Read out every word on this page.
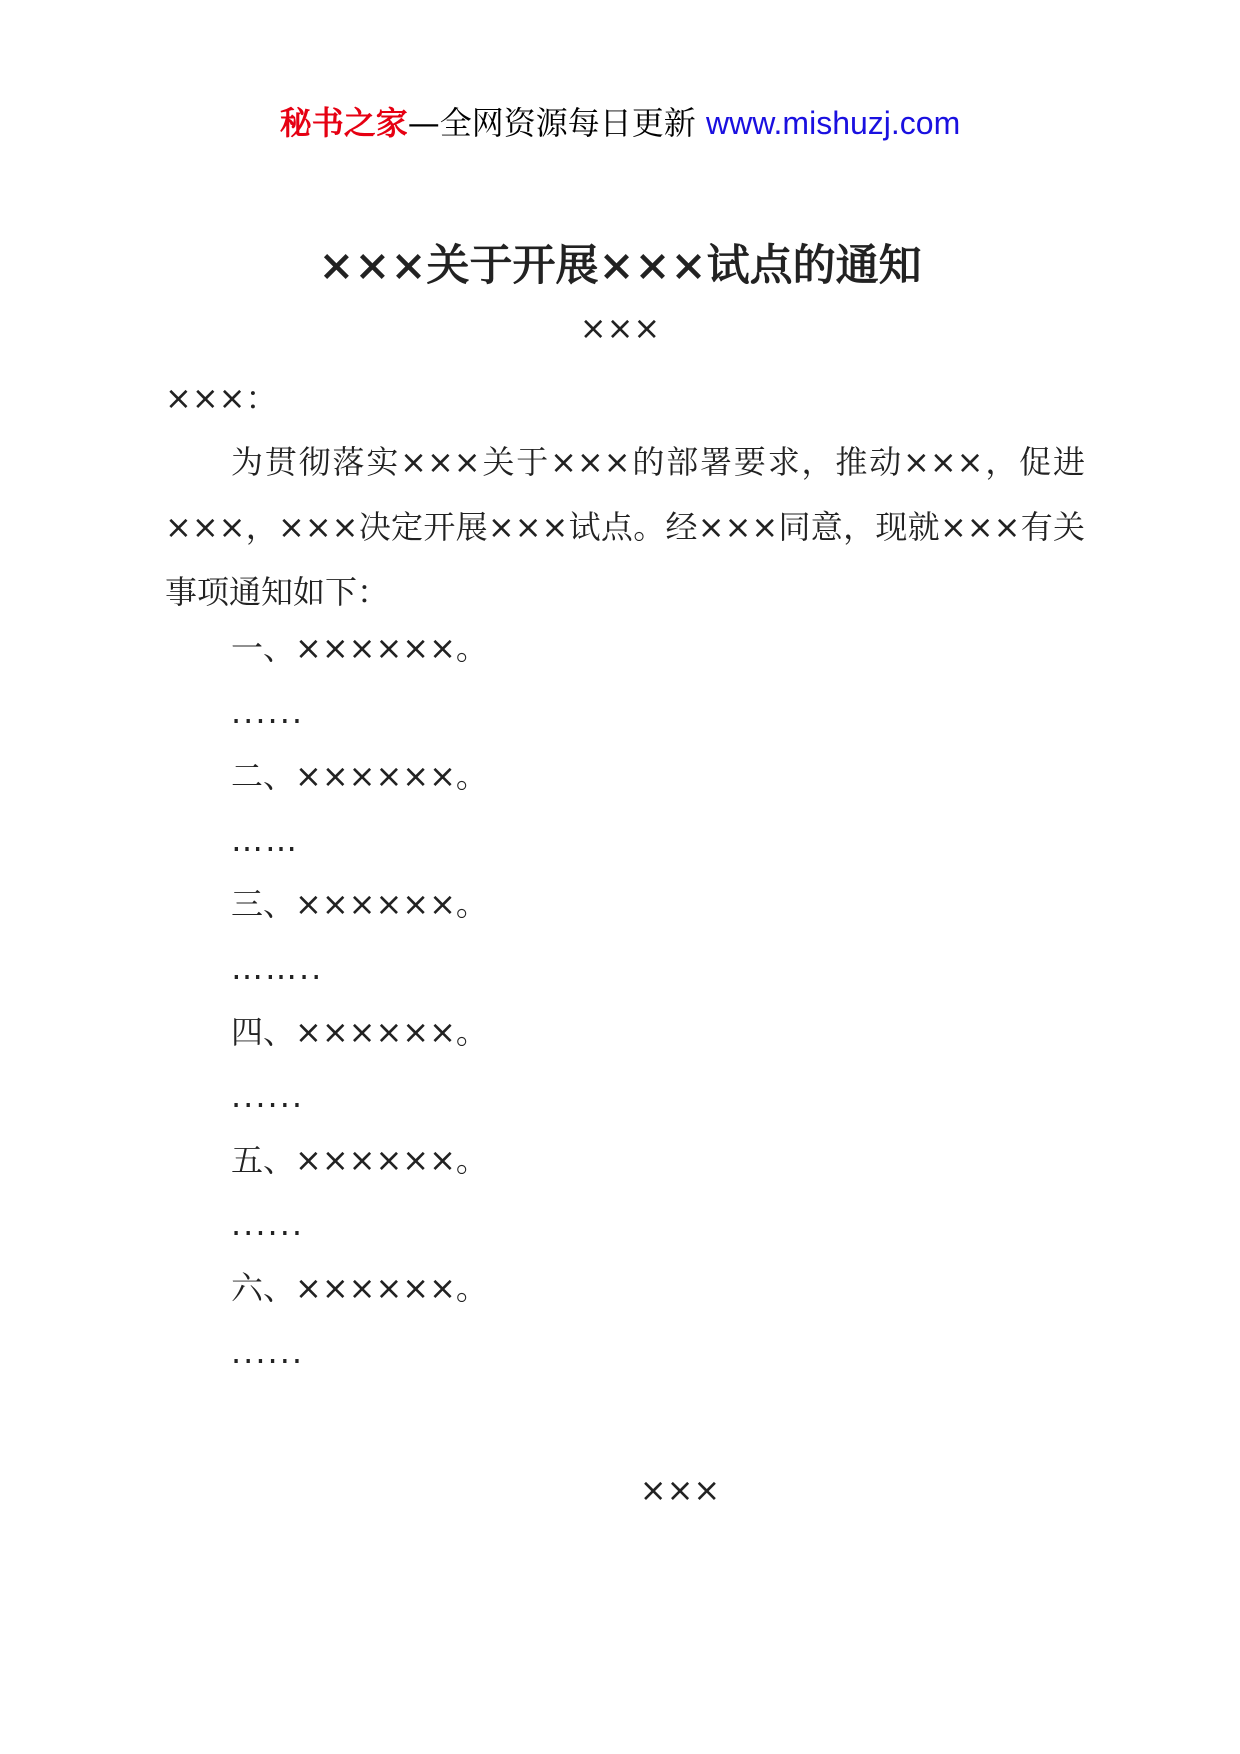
秘书之家—全网资源每日更新 www.mishuzj.com
×××关于开展×××试点的通知
×××
×××：
为贯彻落实×××关于×××的部署要求，推动×××，促进×××，×××决定开展×××试点。经×××同意，现就×××有关事项通知如下：
一、××××××。
......
二、××××××。
……
三、××××××。
……..
四、××××××。
......
五、××××××。
......
六、××××××。
......
×××
